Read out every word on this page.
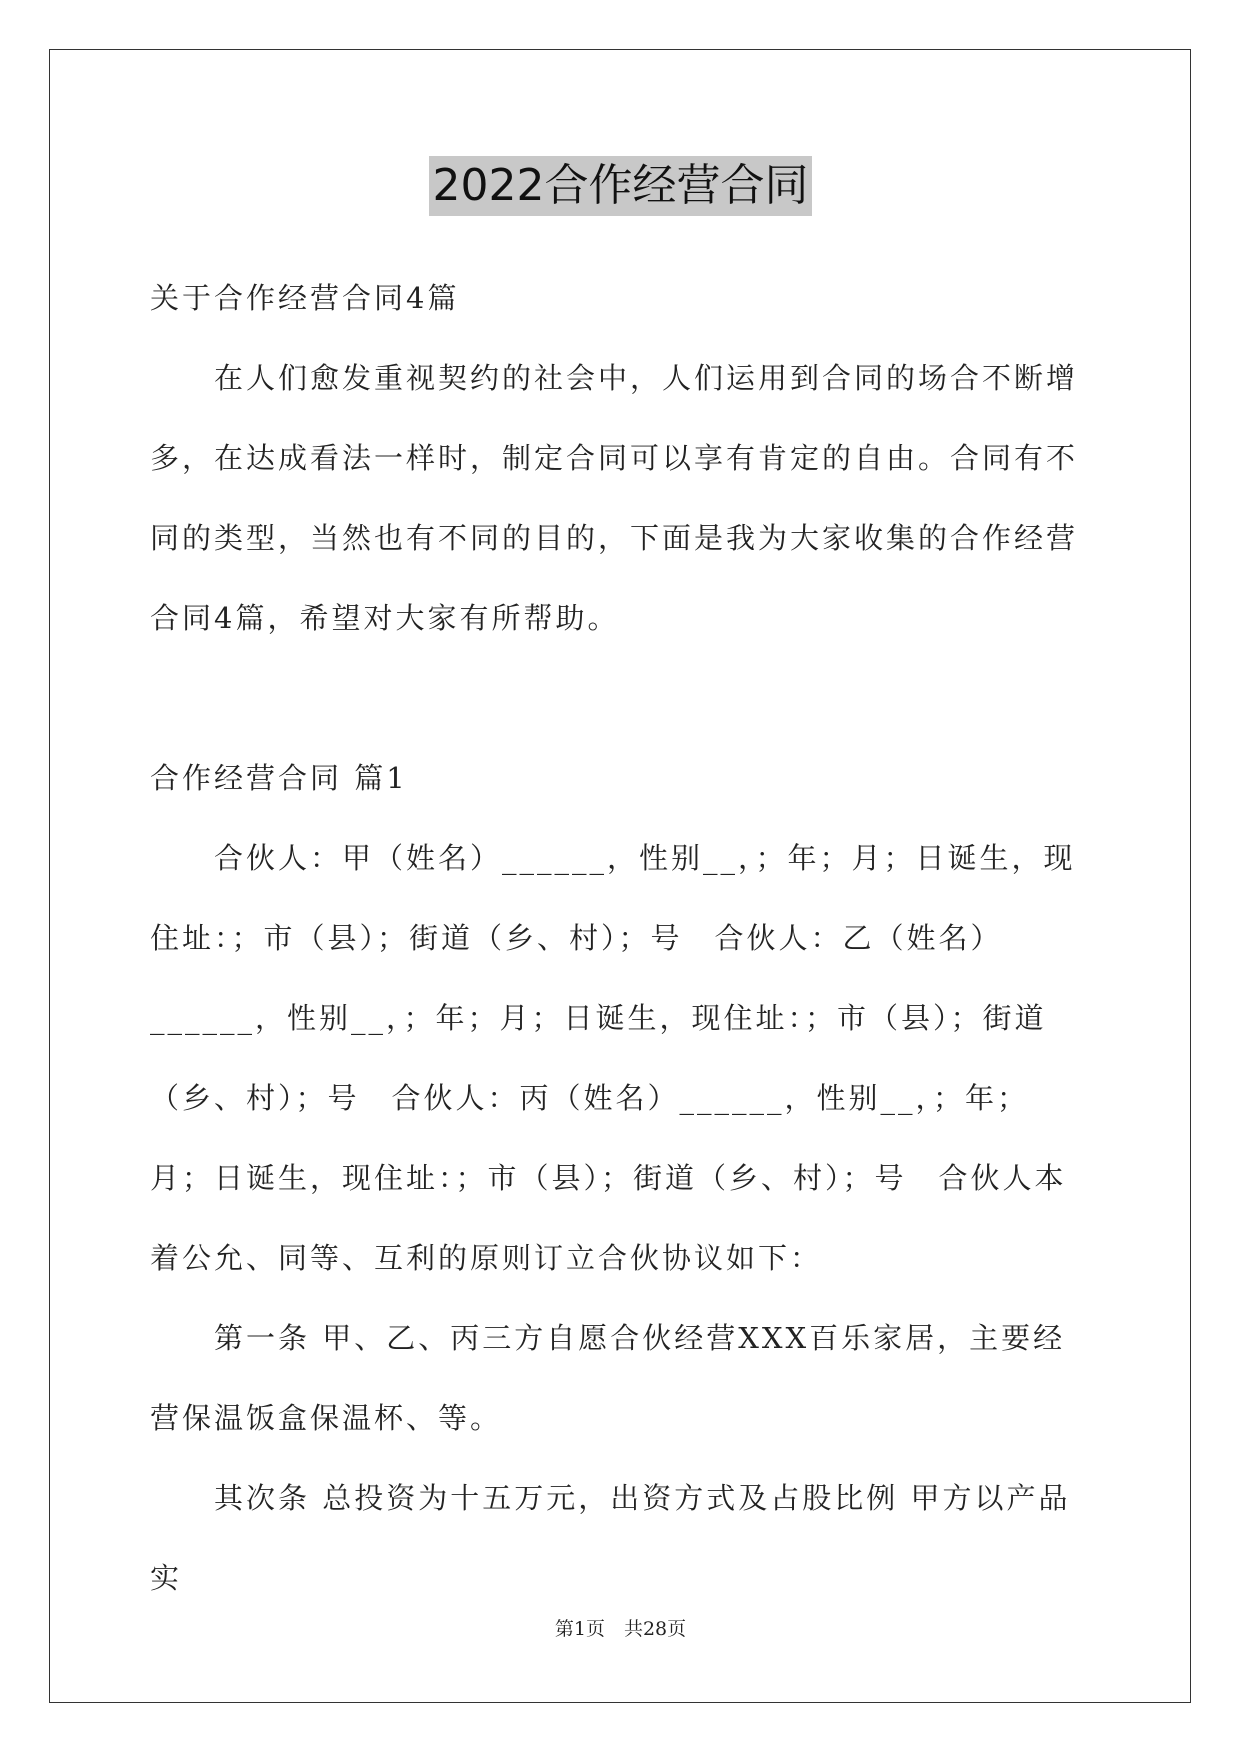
2022合作经营合同

关于合作经营合同4篇

在人们愈发重视契约的社会中，人们运用到合同的场合不断增多，在达成看法一样时，制定合同可以享有肯定的自由。合同有不同的类型，当然也有不同的目的，下面是我为大家收集的合作经营合同4篇，希望对大家有所帮助。

合作经营合同 篇1

合伙人：甲（姓名）______，性别__，；年；月；日诞生，现住址：；市（县）；街道（乡、村）；号　合伙人：乙（姓名）______，性别__，；年；月；日诞生，现住址：；市（县）；街道（乡、村）；号　合伙人：丙（姓名）______，性别__，；年；月；日诞生，现住址：；市（县）；街道（乡、村）；号　合伙人本着公允、同等、互利的原则订立合伙协议如下：

第一条 甲、乙、丙三方自愿合伙经营XXX百乐家居，主要经营保温饭盒保温杯、等。

其次条 总投资为十五万元，出资方式及占股比例 甲方以产品实

第1页　共28页
